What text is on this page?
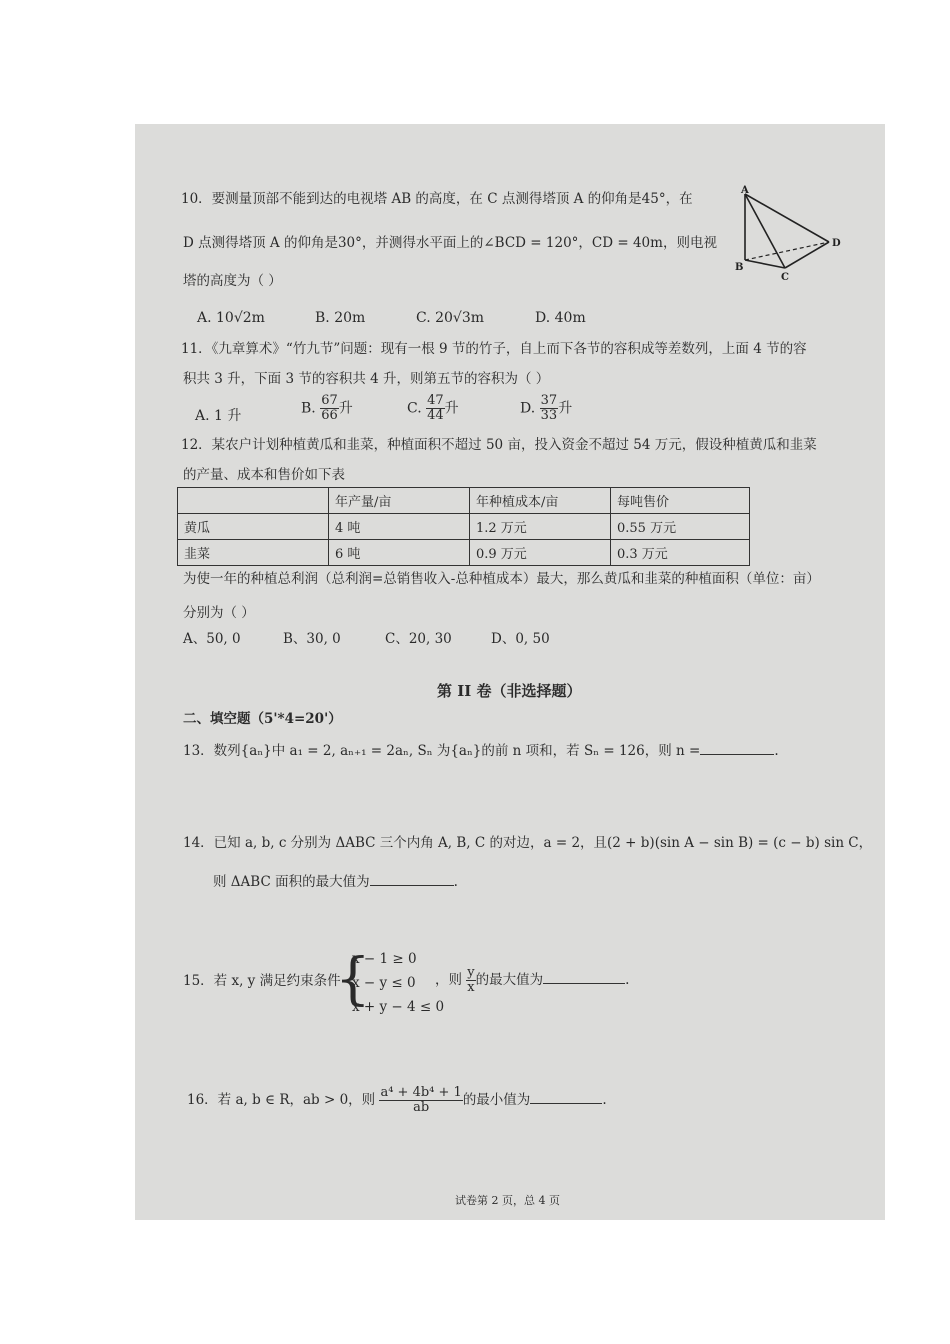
10．要测量顶部不能到达的电视塔 AB 的高度，在 C 点测得塔顶 A 的仰角是45°，在
D 点测得塔顶 A 的仰角是30°，并测得水平面上的∠BCD = 120°，CD = 40m，则电视
塔的高度为（ ）
A
B
C
D
A. 10√2m	B. 20m	C. 20√3m	D. 40m
11．《九章算术》“竹九节”问题：现有一根 9 节的竹子，自上而下各节的容积成等差数列，上面 4 节的容
积共 3 升，下面 3 节的容积共 4 升，则第五节的容积为（ ）
A. 1 升	B. $\frac{67}{66}$ 升	C. $\frac{47}{44}$ 升	D. $\frac{37}{33}$ 升
12．某农户计划种植黄瓜和韭菜，种植面积不超过 50 亩，投入资金不超过 54 万元，假设种植黄瓜和韭菜
的产量、成本和售价如下表
	年产量/亩	年种植成本/亩	每吨售价
黄瓜	4 吨	1.2 万元	0.55 万元
韭菜	6 吨	0.9 万元	0.3 万元
为使一年的种植总利润（总利润=总销售收入-总种植成本）最大，那么黄瓜和韭菜的种植面积（单位：亩）
分别为（ ）
A、50, 0	B、30, 0	C、20, 30	D、0, 50
第 II 卷（非选择题）
二、填空题（5'*4=20'）
13．数列{aₙ}中 a₁ = 2, aₙ₊₁ = 2aₙ, Sₙ 为{aₙ}的前 n 项和，若 Sₙ = 126，则 n =	.
14．已知 a, b, c 分别为 ΔABC 三个内角 A, B, C 的对边，a = 2，且(2 + b)(sin A − sin B) = (c − b) sin C，
则 ΔABC 面积的最大值为	.
15．若 x, y 满足约束条件
{
x − 1 ≥ 0
x − y ≤ 0
x + y − 4 ≤ 0
，则 $\frac{y}{x}$ 的最大值为	.
16．若 a, b ∈ R，ab > 0，则 $\frac{\text{a⁴ + 4b⁴ + 1}}{ab}$ 的最小值为	.
试卷第 2 页，总 4 页
